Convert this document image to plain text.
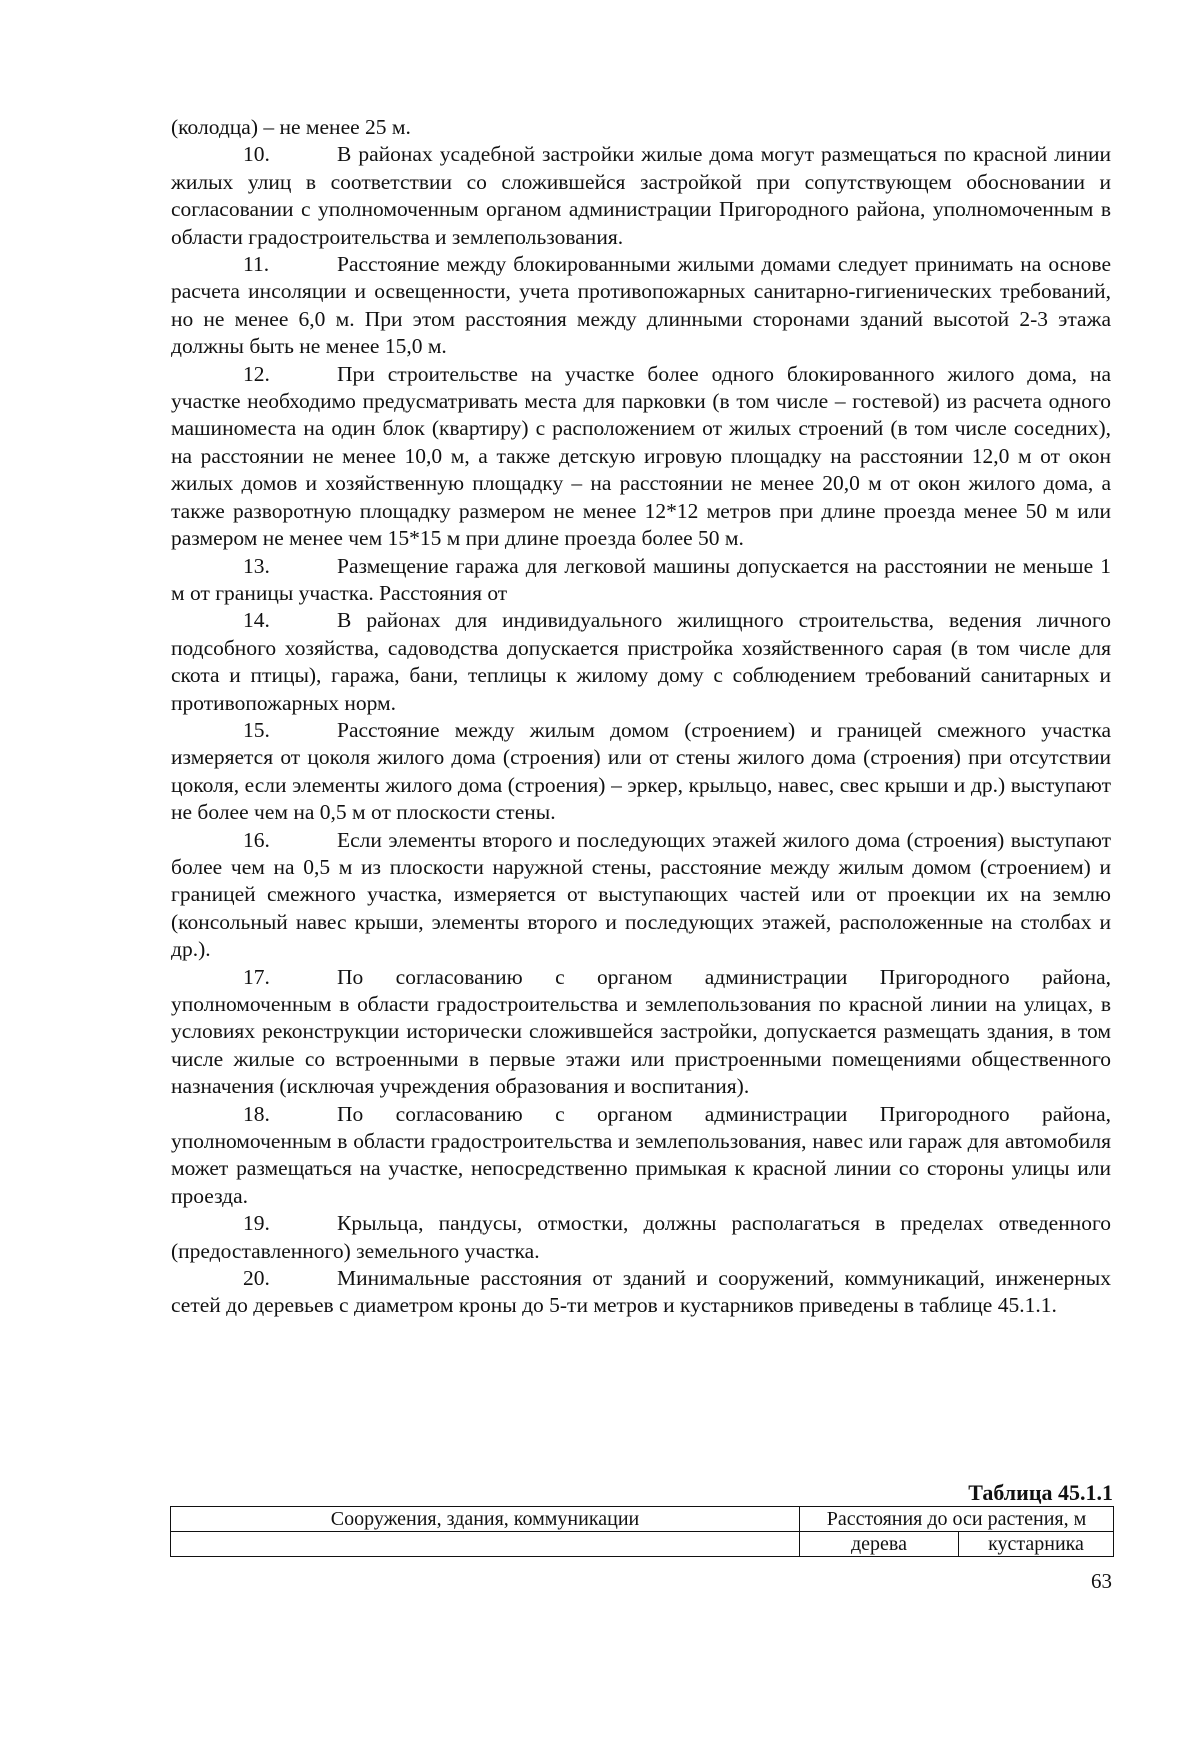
(колодца) – не менее 25 м.

10.	В районах усадебной застройки жилые дома могут размещаться по красной линии жилых улиц в соответствии со сложившейся застройкой при сопутствующем обосновании и согласовании с уполномоченным органом администрации Пригородного района, уполномоченным в области градостроительства и землепользования.

11.	Расстояние между блокированными жилыми домами следует принимать на основе расчета инсоляции и освещенности, учета противопожарных санитарно-гигиенических требований, но не менее 6,0 м. При этом расстояния между длинными сторонами зданий высотой 2-3 этажа должны быть не менее 15,0 м.

12.	При строительстве на участке более одного блокированного жилого дома, на участке необходимо предусматривать места для парковки (в том числе – гостевой) из расчета одного машиноместа на один блок (квартиру) с расположением от жилых строений (в том числе соседних), на расстоянии не менее 10,0 м, а также детскую игровую площадку на расстоянии 12,0 м от окон жилых домов и хозяйственную площадку – на расстоянии не менее 20,0 м от окон жилого дома, а также разворотную площадку размером не менее 12*12 метров при длине проезда менее 50 м или размером не менее чем 15*15 м при длине проезда более 50 м.

13.	Размещение гаража для легковой машины допускается на расстоянии не меньше 1 м от границы участка. Расстояния от

14.	В районах для индивидуального жилищного строительства, ведения личного подсобного хозяйства, садоводства допускается пристройка хозяйственного сарая (в том числе для скота и птицы), гаража, бани, теплицы к жилому дому с соблюдением требований санитарных и противопожарных норм.

15.	Расстояние между жилым домом (строением) и границей смежного участка измеряется от цоколя жилого дома (строения) или от стены жилого дома (строения) при отсутствии цоколя, если элементы жилого дома (строения) – эркер, крыльцо, навес, свес крыши и др.) выступают не более чем на 0,5 м от плоскости стены.

16.	Если элементы второго и последующих этажей жилого дома (строения) выступают более чем на 0,5 м из плоскости наружной стены, расстояние между жилым домом (строением) и границей смежного участка, измеряется от выступающих частей или от проекции их на землю (консольный навес крыши, элементы второго и последующих этажей, расположенные на столбах и др.).

17.	По согласованию с органом администрации Пригородного района, уполномоченным в области градостроительства и землепользования по красной линии на улицах, в условиях реконструкции исторически сложившейся застройки, допускается размещать здания, в том числе жилые со встроенными в первые этажи или пристроенными помещениями общественного назначения (исключая учреждения образования и воспитания).

18.	По согласованию с органом администрации Пригородного района, уполномоченным в области градостроительства и землепользования, навес или гараж для автомобиля может размещаться на участке, непосредственно примыкая к красной линии со стороны улицы или проезда.

19.	Крыльца, пандусы, отмостки, должны располагаться в пределах отведенного (предоставленного) земельного участка.

20.	Минимальные расстояния от зданий и сооружений, коммуникаций, инженерных сетей до деревьев с диаметром кроны до 5-ти метров и кустарников приведены в таблице 45.1.1.

Таблица 45.1.1
Сооружения, здания, коммуникации	Расстояния до оси растения, м	
	дерева	кустарника
63
